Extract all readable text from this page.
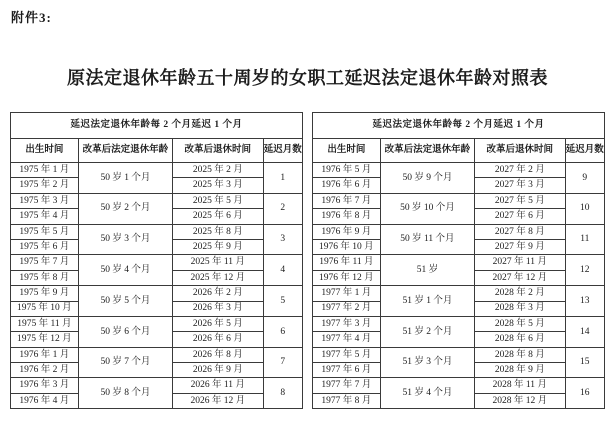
附件3:
原法定退休年龄五十周岁的女职工延迟法定退休年龄对照表
延迟法定退休年龄每 2 个月延迟 1 个月			
出生时间	改革后法定退休年龄	改革后退休时间	延迟月数
1975 年 1 月	50 岁 1 个月	2025 年 2 月	1
1975 年 2 月		2025 年 3 月	
1975 年 3 月	50 岁 2 个月	2025 年 5 月	2
1975 年 4 月		2025 年 6 月	
1975 年 5 月	50 岁 3 个月	2025 年 8 月	3
1975 年 6 月		2025 年 9 月	
1975 年 7 月	50 岁 4 个月	2025 年 11 月	4
1975 年 8 月		2025 年 12 月	
1975 年 9 月	50 岁 5 个月	2026 年 2 月	5
1975 年 10 月		2026 年 3 月	
1975 年 11 月	50 岁 6 个月	2026 年 5 月	6
1975 年 12 月		2026 年 6 月	
1976 年 1 月	50 岁 7 个月	2026 年 8 月	7
1976 年 2 月		2026 年 9 月	
1976 年 3 月	50 岁 8 个月	2026 年 11 月	8
1976 年 4 月		2026 年 12 月	
延迟法定退休年龄每 2 个月延迟 1 个月			
出生时间	改革后法定退休年龄	改革后退休时间	延迟月数
1976 年 5 月	50 岁 9 个月	2027 年 2 月	9
1976 年 6 月		2027 年 3 月	
1976 年 7 月	50 岁 10 个月	2027 年 5 月	10
1976 年 8 月		2027 年 6 月	
1976 年 9 月	50 岁 11 个月	2027 年 8 月	11
1976 年 10 月		2027 年 9 月	
1976 年 11 月	51 岁	2027 年 11 月	12
1976 年 12 月		2027 年 12 月	
1977 年 1 月	51 岁 1 个月	2028 年 2 月	13
1977 年 2 月		2028 年 3 月	
1977 年 3 月	51 岁 2 个月	2028 年 5 月	14
1977 年 4 月		2028 年 6 月	
1977 年 5 月	51 岁 3 个月	2028 年 8 月	15
1977 年 6 月		2028 年 9 月	
1977 年 7 月	51 岁 4 个月	2028 年 11 月	16
1977 年 8 月		2028 年 12 月	
